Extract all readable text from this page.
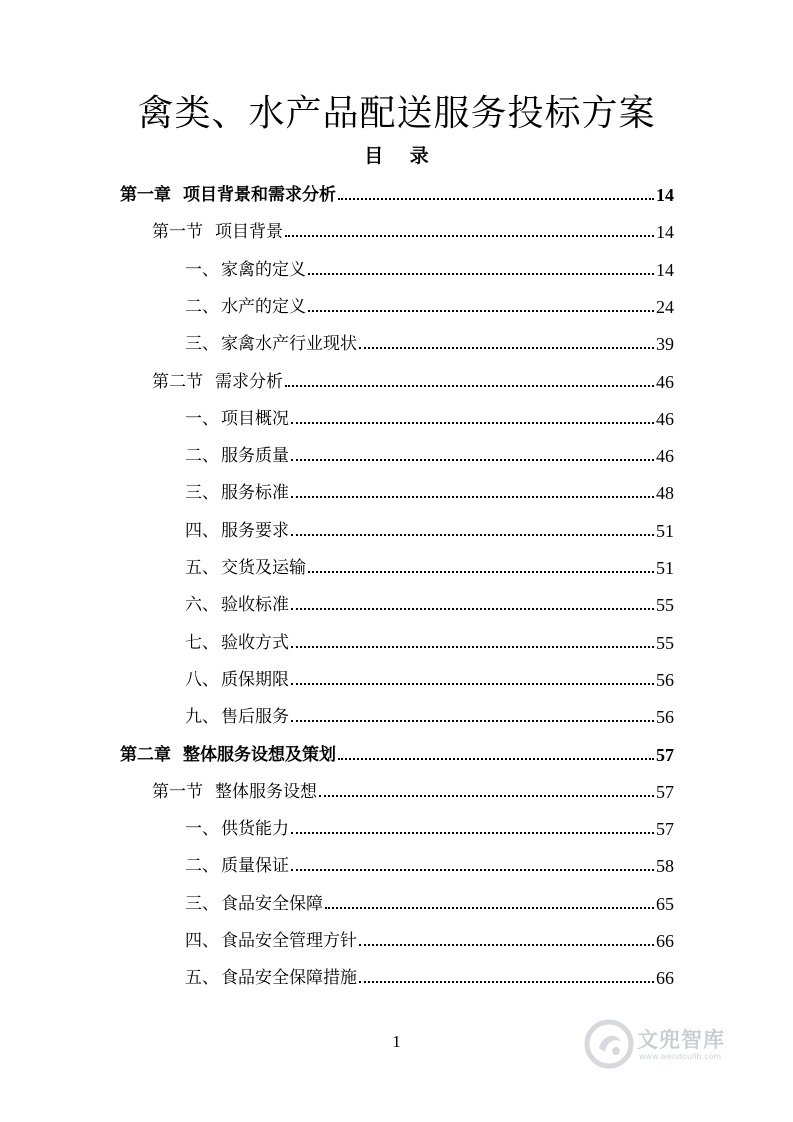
禽类、水产品配送服务投标方案
目 录
第一章 项目背景和需求分析	14
第一节 项目背景	14
一、 家禽的定义	14
二、 水产的定义	24
三、 家禽水产行业现状	39
第二节 需求分析	46
一、 项目概况	46
二、 服务质量	46
三、 服务标准	48
四、 服务要求	51
五、 交货及运输	51
六、 验收标准	55
七、 验收方式	55
八、 质保期限	56
九、 售后服务	56
第二章 整体服务设想及策划	57
第一节 整体服务设想	57
一、 供货能力	57
二、 质量保证	58
三、 食品安全保障	65
四、 食品安全管理方针	66
五、 食品安全保障措施	66
1	文兜智库
www.wendoulib.com
